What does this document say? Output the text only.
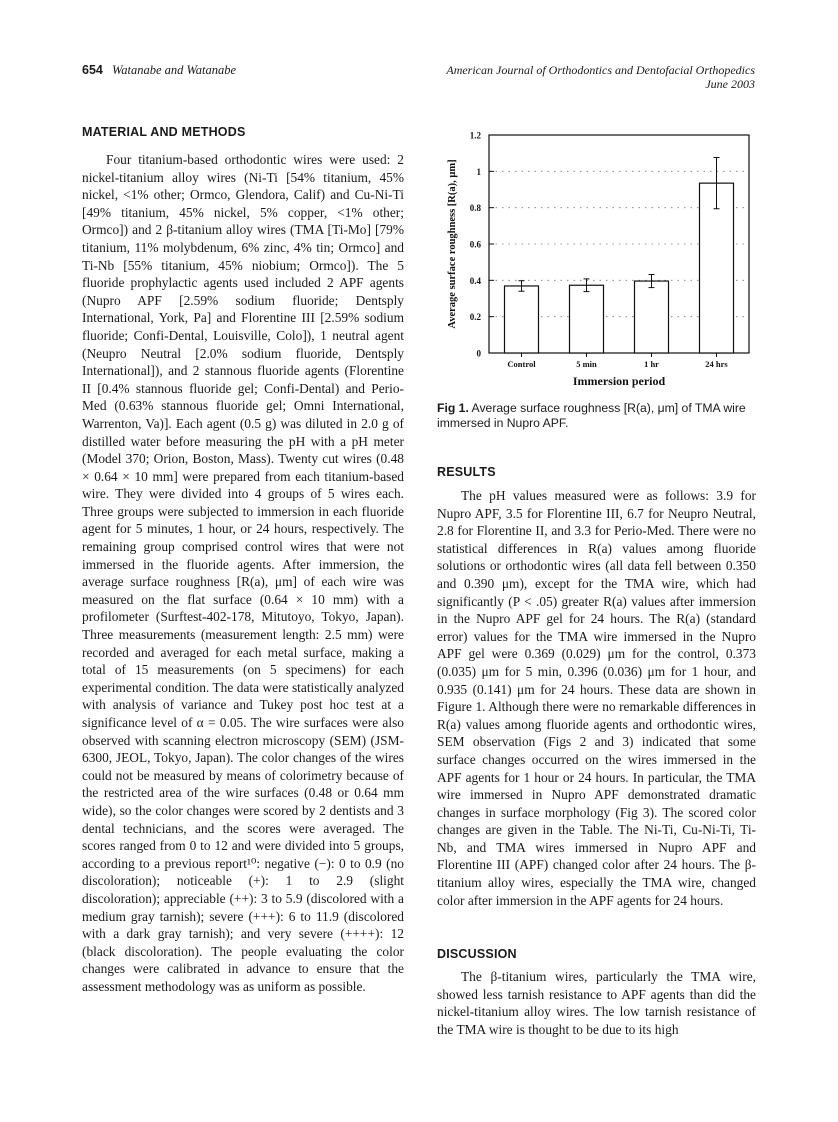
654 Watanabe and Watanabe	American Journal of Orthodontics and Dentofacial Orthopedics
June 2003
MATERIAL AND METHODS

Four titanium-based orthodontic wires were used: 2 nickel-titanium alloy wires (Ni-Ti [54% titanium, 45% nickel, <1% other; Ormco, Glendora, Calif) and Cu-Ni-Ti [49% titanium, 45% nickel, 5% copper, <1% other; Ormco]) and 2 β-titanium alloy wires (TMA [Ti-Mo] [79% titanium, 11% molybdenum, 6% zinc, 4% tin; Ormco] and Ti-Nb [55% titanium, 45% niobium; Ormco]). The 5 fluoride prophylactic agents used included 2 APF agents (Nupro APF [2.59% sodium fluoride; Dentsply International, York, Pa] and Florentine III [2.59% sodium fluoride; Confi-Dental, Louisville, Colo]), 1 neutral agent (Neupro Neutral [2.0% sodium fluoride, Dentsply International]), and 2 stannous fluoride agents (Florentine II [0.4% stannous fluoride gel; Confi-Dental) and Perio-Med (0.63% stannous fluoride gel; Omni International, Warrenton, Va)]. Each agent (0.5 g) was diluted in 2.0 g of distilled water before measuring the pH with a pH meter (Model 370; Orion, Boston, Mass). Twenty cut wires (0.48 × 0.64 × 10 mm] were prepared from each titanium-based wire. They were divided into 4 groups of 5 wires each. Three groups were subjected to immersion in each fluoride agent for 5 minutes, 1 hour, or 24 hours, respectively. The remaining group comprised control wires that were not immersed in the fluoride agents. After immersion, the average surface roughness [R(a), μm] of each wire was measured on the flat surface (0.64 × 10 mm) with a profilometer (Surftest-402-178, Mitutoyo, Tokyo, Japan). Three measurements (measurement length: 2.5 mm) were recorded and averaged for each metal surface, making a total of 15 measurements (on 5 specimens) for each experimental condition. The data were statistically analyzed with analysis of variance and Tukey post hoc test at a significance level of α = 0.05. The wire surfaces were also observed with scanning electron microscopy (SEM) (JSM-6300, JEOL, Tokyo, Japan). The color changes of the wires could not be measured by means of colorimetry because of the restricted area of the wire surfaces (0.48 or 0.64 mm wide), so the color changes were scored by 2 dentists and 3 dental technicians, and the scores were averaged. The scores ranged from 0 to 12 and were divided into 5 groups, according to a previous report¹⁰: negative (−): 0 to 0.9 (no discoloration); noticeable (+): 1 to 2.9 (slight discoloration); appreciable (++): 3 to 5.9 (discolored with a medium gray tarnish); severe (+++): 6 to 11.9 (discolored with a dark gray tarnish); and very severe (++++): 12 (black discoloration). The people evaluating the color changes were calibrated in advance to ensure that the assessment methodology was as uniform as possible.

0
0.2
0.4
0.6
0.8
1
1.2
Control	5 min	1 hr	24 hrs
Immersion period
Average surface roughness [R(a), μm]
Fig 1. Average surface roughness [R(a), μm] of TMA wire immersed in Nupro APF.
RESULTS

The pH values measured were as follows: 3.9 for Nupro APF, 3.5 for Florentine III, 6.7 for Neupro Neutral, 2.8 for Florentine II, and 3.3 for Perio-Med. There were no statistical differences in R(a) values among fluoride solutions or orthodontic wires (all data fell between 0.350 and 0.390 μm), except for the TMA wire, which had significantly (P < .05) greater R(a) values after immersion in the Nupro APF gel for 24 hours. The R(a) (standard error) values for the TMA wire immersed in the Nupro APF gel were 0.369 (0.029) μm for the control, 0.373 (0.035) μm for 5 min, 0.396 (0.036) μm for 1 hour, and 0.935 (0.141) μm for 24 hours. These data are shown in Figure 1. Although there were no remarkable differences in R(a) values among fluoride agents and orthodontic wires, SEM observation (Figs 2 and 3) indicated that some surface changes occurred on the wires immersed in the APF agents for 1 hour or 24 hours. In particular, the TMA wire immersed in Nupro APF demonstrated dramatic changes in surface morphology (Fig 3). The scored color changes are given in the Table. The Ni-Ti, Cu-Ni-Ti, Ti-Nb, and TMA wires immersed in Nupro APF and Florentine III (APF) changed color after 24 hours. The β-titanium alloy wires, especially the TMA wire, changed color after immersion in the APF agents for 24 hours.

DISCUSSION

The β-titanium wires, particularly the TMA wire, showed less tarnish resistance to APF agents than did the nickel-titanium alloy wires. The low tarnish resistance of the TMA wire is thought to be due to its high
